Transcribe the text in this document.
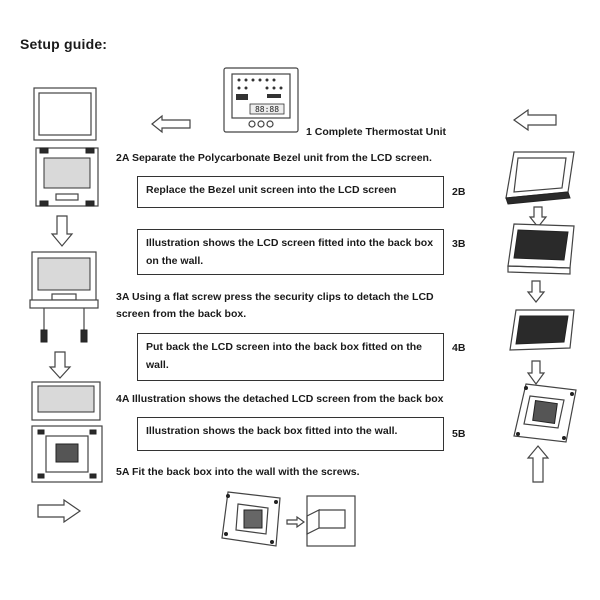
Setup guide:
88:88
1 Complete Thermostat Unit
2A Separate the Polycarbonate Bezel unit from the LCD screen.
Replace the Bezel unit screen into the LCD screen	2B
Illustration shows the LCD screen fitted into the back box on the wall.
3B
3A Using a flat screw press the security clips to detach the LCD
screen from the back box.
Put back the LCD screen into the back box fitted on the wall.
4B
4A Illustration shows the detached LCD screen from the back box
Illustration shows the back box fitted into the wall.	5B
5A Fit the back box into the wall with the screws.
